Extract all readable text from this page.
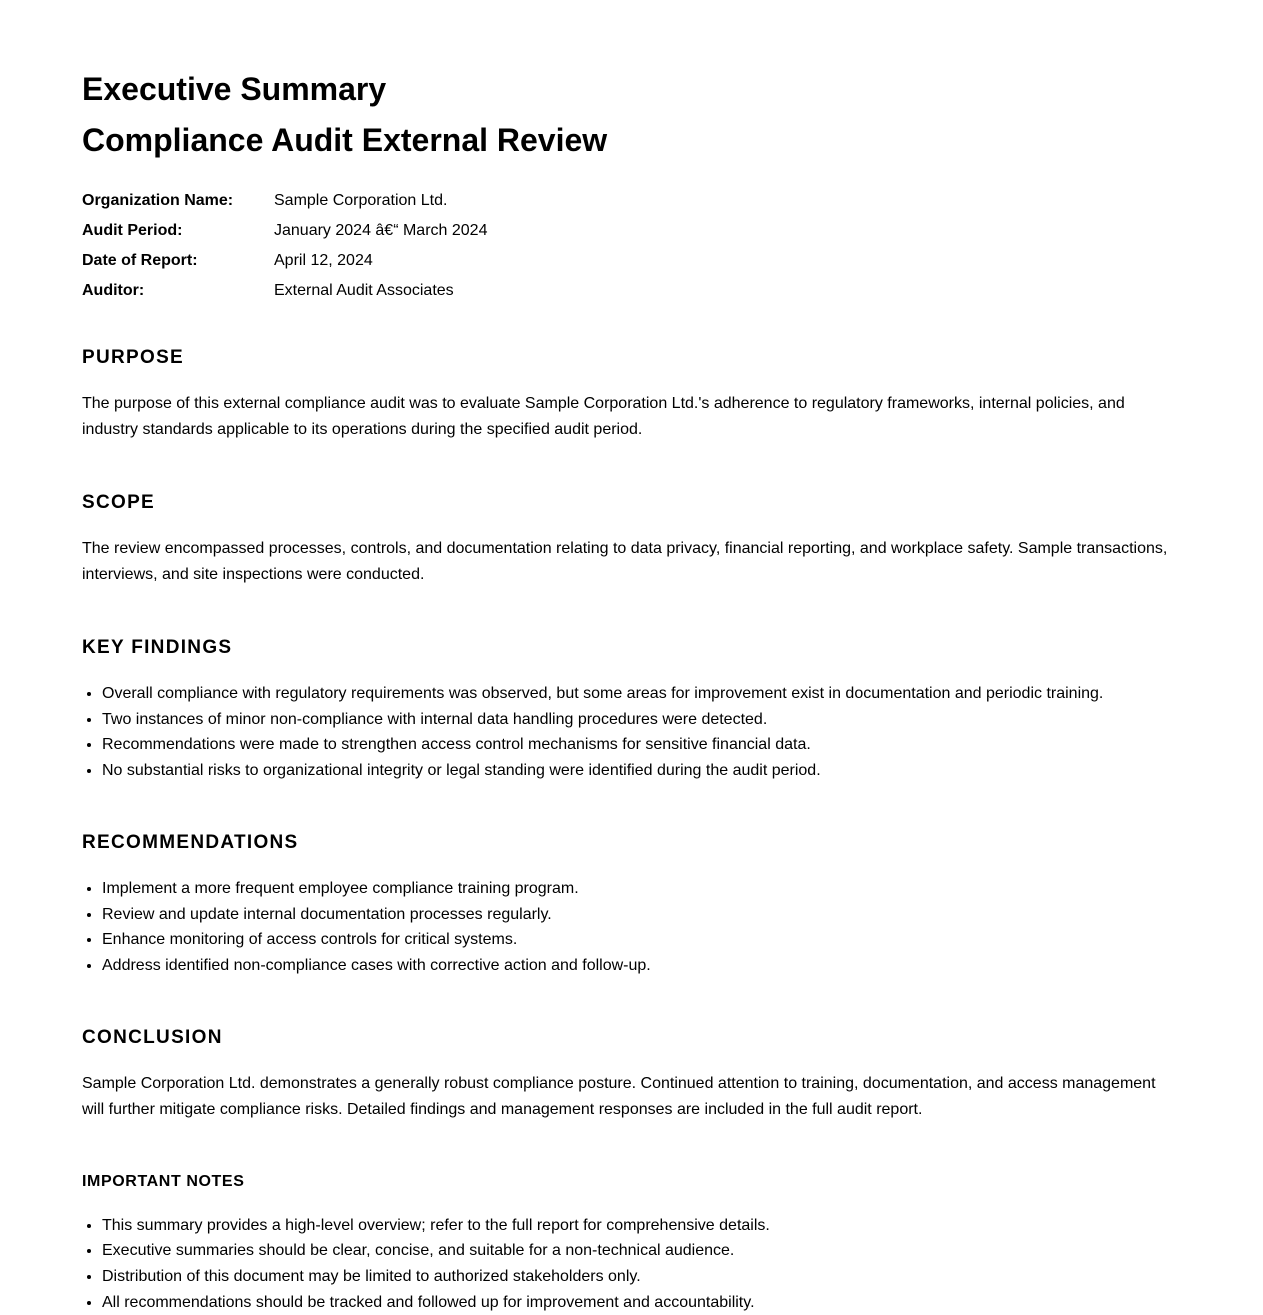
Executive Summary
Compliance Audit External Review
Organization Name:	Sample Corporation Ltd.
Audit Period:	January 2024 â€“ March 2024
Date of Report:	April 12, 2024
Auditor:	External Audit Associates
PURPOSE

The purpose of this external compliance audit was to evaluate Sample Corporation Ltd.'s adherence to regulatory frameworks, internal policies, and industry standards applicable to its operations during the specified audit period.

SCOPE

The review encompassed processes, controls, and documentation relating to data privacy, financial reporting, and workplace safety. Sample transactions, interviews, and site inspections were conducted.

KEY FINDINGS
• Overall compliance with regulatory requirements was observed, but some areas for improvement exist in documentation and periodic training.
• Two instances of minor non-compliance with internal data handling procedures were detected.
• Recommendations were made to strengthen access control mechanisms for sensitive financial data.
• No substantial risks to organizational integrity or legal standing were identified during the audit period.
RECOMMENDATIONS
• Implement a more frequent employee compliance training program.
• Review and update internal documentation processes regularly.
• Enhance monitoring of access controls for critical systems.
• Address identified non-compliance cases with corrective action and follow-up.
CONCLUSION

Sample Corporation Ltd. demonstrates a generally robust compliance posture. Continued attention to training, documentation, and access management will further mitigate compliance risks. Detailed findings and management responses are included in the full audit report.

IMPORTANT NOTES
• This summary provides a high-level overview; refer to the full report for comprehensive details.
• Executive summaries should be clear, concise, and suitable for a non-technical audience.
• Distribution of this document may be limited to authorized stakeholders only.
• All recommendations should be tracked and followed up for improvement and accountability.
